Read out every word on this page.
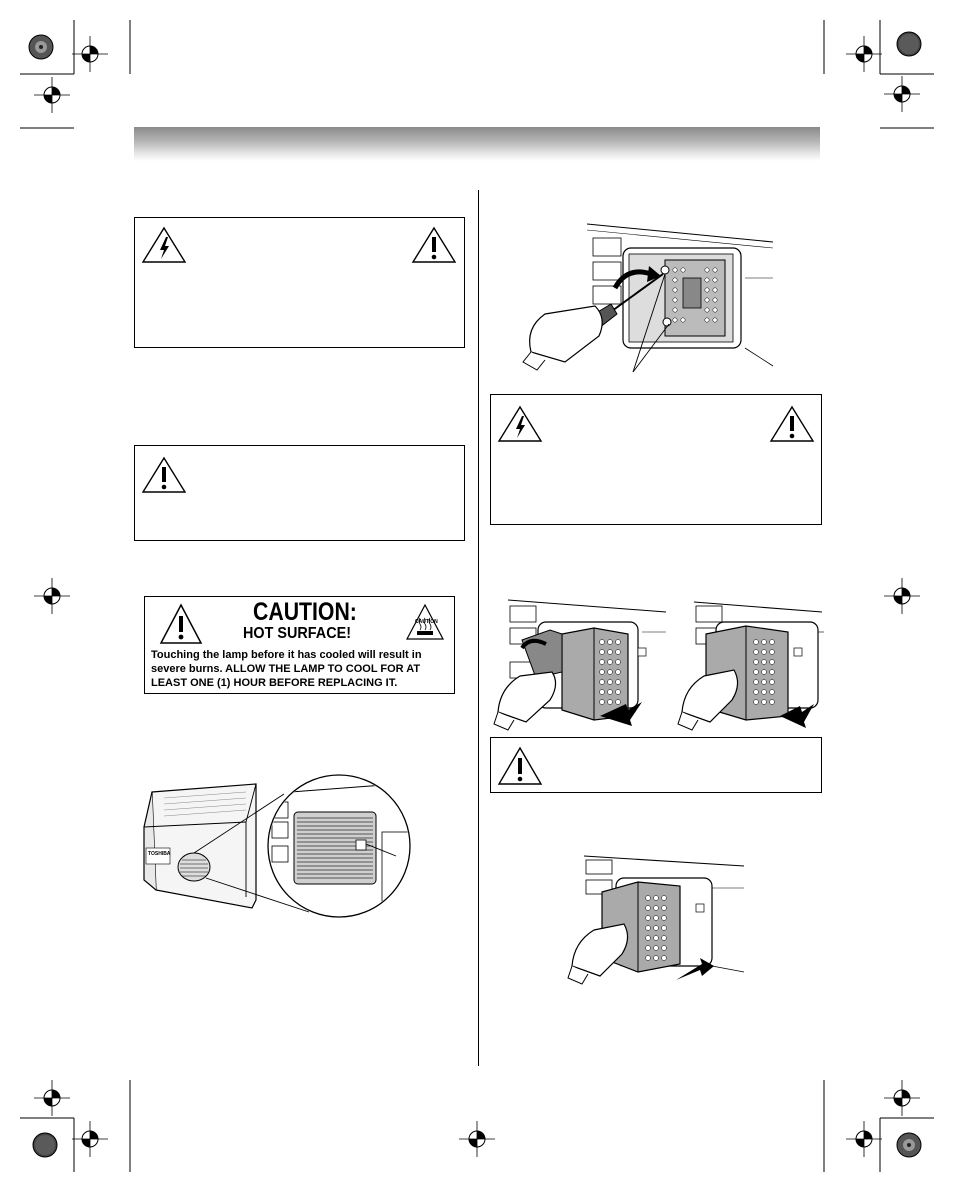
CAUTION:
HOT SURFACE!
CAUTION
Touching the lamp before it has cooled will result in severe burns. ALLOW THE LAMP TO COOL FOR AT LEAST ONE (1) HOUR BEFORE REPLACING IT.
TOSHIBA
